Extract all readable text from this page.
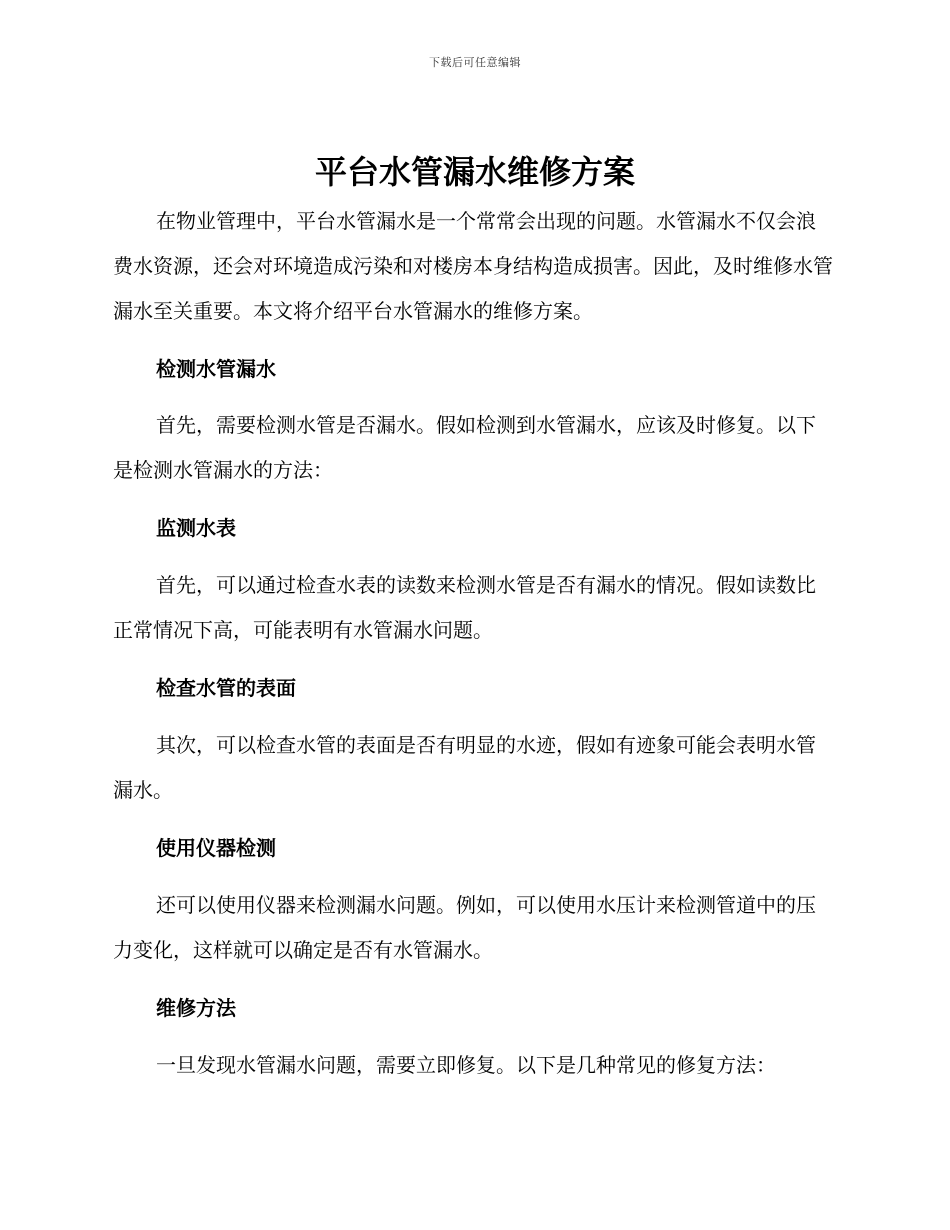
下载后可任意编辑
平台水管漏水维修方案

在物业管理中，平台水管漏水是一个常常会出现的问题。水管漏水不仅会浪费水资源，还会对环境造成污染和对楼房本身结构造成损害。因此，及时维修水管漏水至关重要。本文将介绍平台水管漏水的维修方案。

检测水管漏水

首先，需要检测水管是否漏水。假如检测到水管漏水，应该及时修复。以下是检测水管漏水的方法：

监测水表

首先，可以通过检查水表的读数来检测水管是否有漏水的情况。假如读数比正常情况下高，可能表明有水管漏水问题。

检查水管的表面

其次，可以检查水管的表面是否有明显的水迹，假如有迹象可能会表明水管漏水。

使用仪器检测

还可以使用仪器来检测漏水问题。例如，可以使用水压计来检测管道中的压力变化，这样就可以确定是否有水管漏水。

维修方法

一旦发现水管漏水问题，需要立即修复。以下是几种常见的修复方法：
